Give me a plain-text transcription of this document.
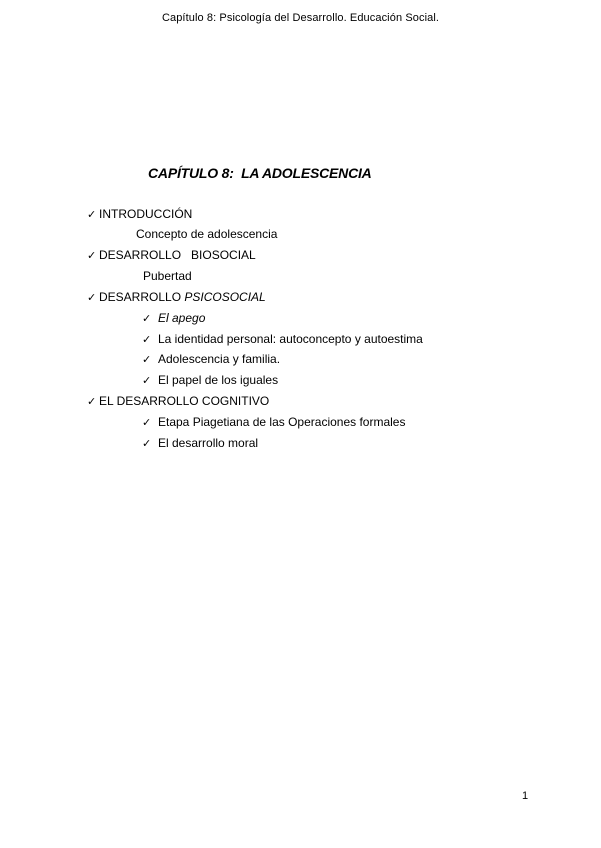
Capítulo 8: Psicología del Desarrollo. Educación Social.
CAPÍTULO 8:  LA ADOLESCENCIA
✓ INTRODUCCIÓN
Concepto de adolescencia
✓ DESARROLLO   BIOSOCIAL
Pubertad
✓ DESARROLLO PSICOSOCIAL
✓ El apego
✓ La identidad personal: autoconcepto y autoestima
✓ Adolescencia y familia.
✓ El papel de los iguales
✓ EL DESARROLLO COGNITIVO
✓ Etapa Piagetiana de las Operaciones formales
✓ El desarrollo moral
1
